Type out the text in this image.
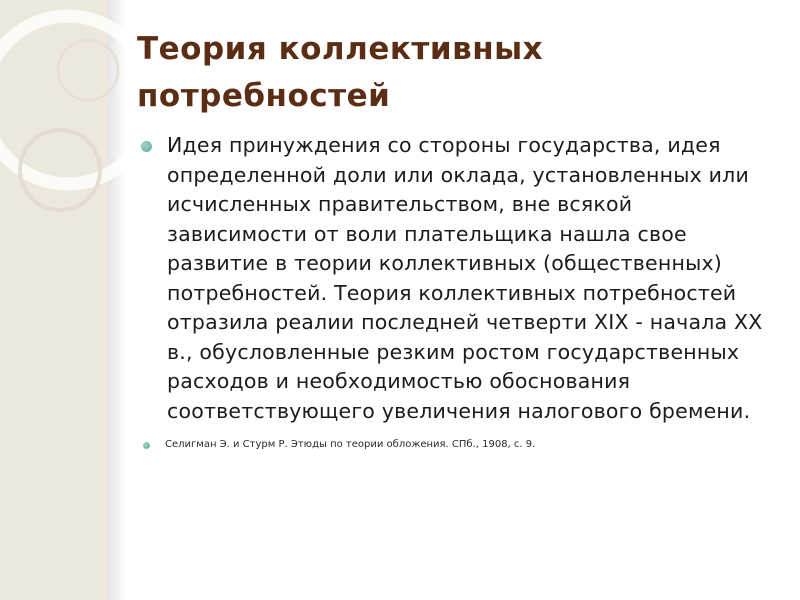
Теория коллективных потребностей
Идея принуждения со стороны государства, идея определенной доли или оклада, установленных или исчисленных правительством, вне всякой зависимости от воли плательщика нашла свое развитие в теории коллективных (общественных) потребностей. Теория коллективных потребностей отразила реалии последней четверти XIX - начала XX в., обусловленные резким ростом государственных расходов и необходимостью обоснования соответствующего увеличения налогового бремени.
Селигман Э. и Стурм Р. Этюды по теории обложения. СПб., 1908, с. 9.
